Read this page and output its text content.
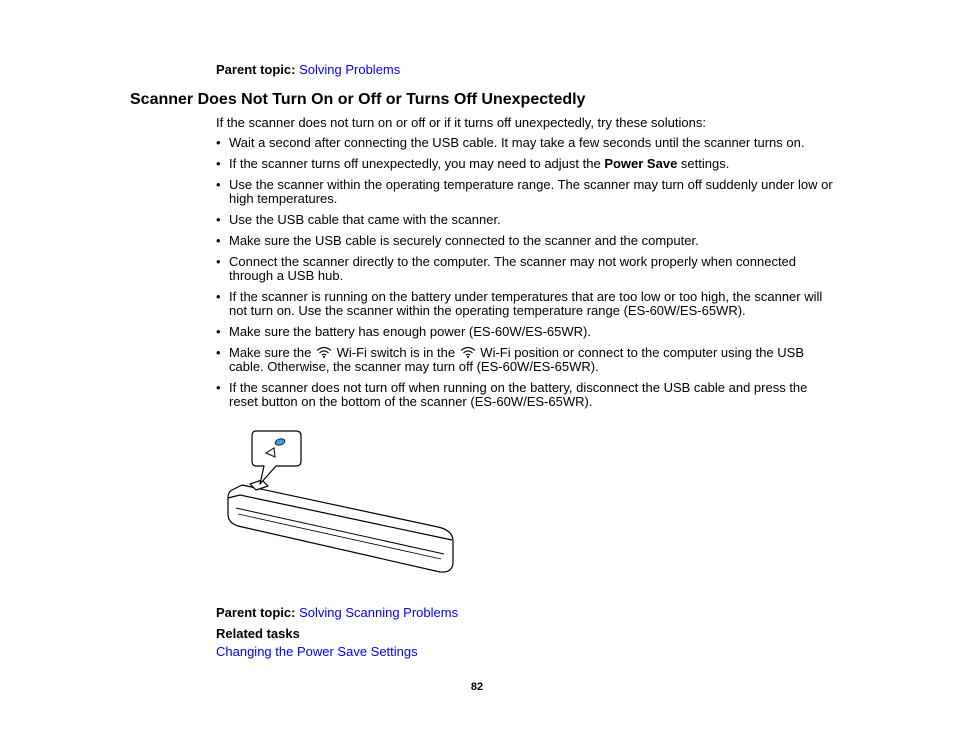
Parent topic: Solving Problems
Scanner Does Not Turn On or Off or Turns Off Unexpectedly
If the scanner does not turn on or off or if it turns off unexpectedly, try these solutions:
• Wait a second after connecting the USB cable. It may take a few seconds until the scanner turns on.
• If the scanner turns off unexpectedly, you may need to adjust the Power Save settings.
• Use the scanner within the operating temperature range. The scanner may turn off suddenly under low or high temperatures.
• Use the USB cable that came with the scanner.
• Make sure the USB cable is securely connected to the scanner and the computer.
• Connect the scanner directly to the computer. The scanner may not work properly when connected through a USB hub.
• If the scanner is running on the battery under temperatures that are too low or too high, the scanner will not turn on. Use the scanner within the operating temperature range (ES-60W/ES-65WR).
• Make sure the battery has enough power (ES-60W/ES-65WR).
• Make sure the  Wi-Fi switch is in the  Wi-Fi position or connect to the computer using the USB cable. Otherwise, the scanner may turn off (ES-60W/ES-65WR).
• If the scanner does not turn off when running on the battery, disconnect the USB cable and press the reset button on the bottom of the scanner (ES-60W/ES-65WR).
Parent topic: Solving Scanning Problems
Related tasks
Changing the Power Save Settings
82
